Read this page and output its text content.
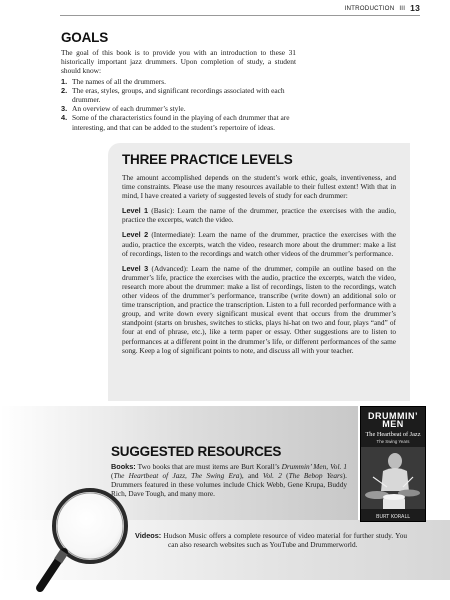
INTRODUCTION III 13
GOALS

The goal of this book is to provide you with an introduction to these 31 historically important jazz drummers. Upon completion of study, a student should know:

1. The names of all the drummers.
2. The eras, styles, groups, and significant recordings associated with each drummer.
3. An overview of each drummer’s style.
4. Some of the characteristics found in the playing of each drummer that are interesting, and that can be added to the student’s repertoire of ideas.
THREE PRACTICE LEVELS

The amount accomplished depends on the student’s work ethic, goals, inventiveness, and time constraints. Please use the many resources available to their fullest extent! With that in mind, I have created a variety of suggested levels of study for each drummer:

Level 1 (Basic): Learn the name of the drummer, practice the exercises with the audio, practice the excerpts, watch the video.

Level 2 (Intermediate): Learn the name of the drummer, practice the exercises with the audio, practice the excerpts, watch the video, research more about the drummer: make a list of recordings, listen to the recordings and watch other videos of the drummer’s performance.

Level 3 (Advanced): Learn the name of the drummer, compile an outline based on the drummer’s life, practice the exercises with the audio, practice the excerpts, watch the video, research more about the drummer: make a list of recordings, listen to the recordings, watch other videos of the drummer’s performance, transcribe (write down) an additional solo or time transcription, and practice the transcription. Listen to a full recorded performance with a group, and write down every significant musical event that occurs from the drummer’s standpoint (starts on brushes, switches to sticks, plays hi-hat on two and four, plays “and” of four at end of phrase, etc.), like a term paper or essay. Other suggestions are to listen to performances at a different point in the drummer’s life, or different performances of the same song. Keep a log of significant points to note, and discuss all with your teacher.

SUGGESTED RESOURCES

Books: Two books that are must items are Burt Korall’s Drummin’ Men, Vol. 1 (The Heartbeat of Jazz, The Swing Era), and Vol. 2 (The Bebop Years). Drummers featured in these volumes include Chick Webb, Gene Krupa, Buddy Rich, Dave Tough, and many more.

DRUMMIN’
MEN
The Heartbeat of Jazz
The Swing Years
BURT KORALL

Videos: Hudson Music offers a complete resource of video material for further study. You can also research websites such as YouTube and Drummerworld.
